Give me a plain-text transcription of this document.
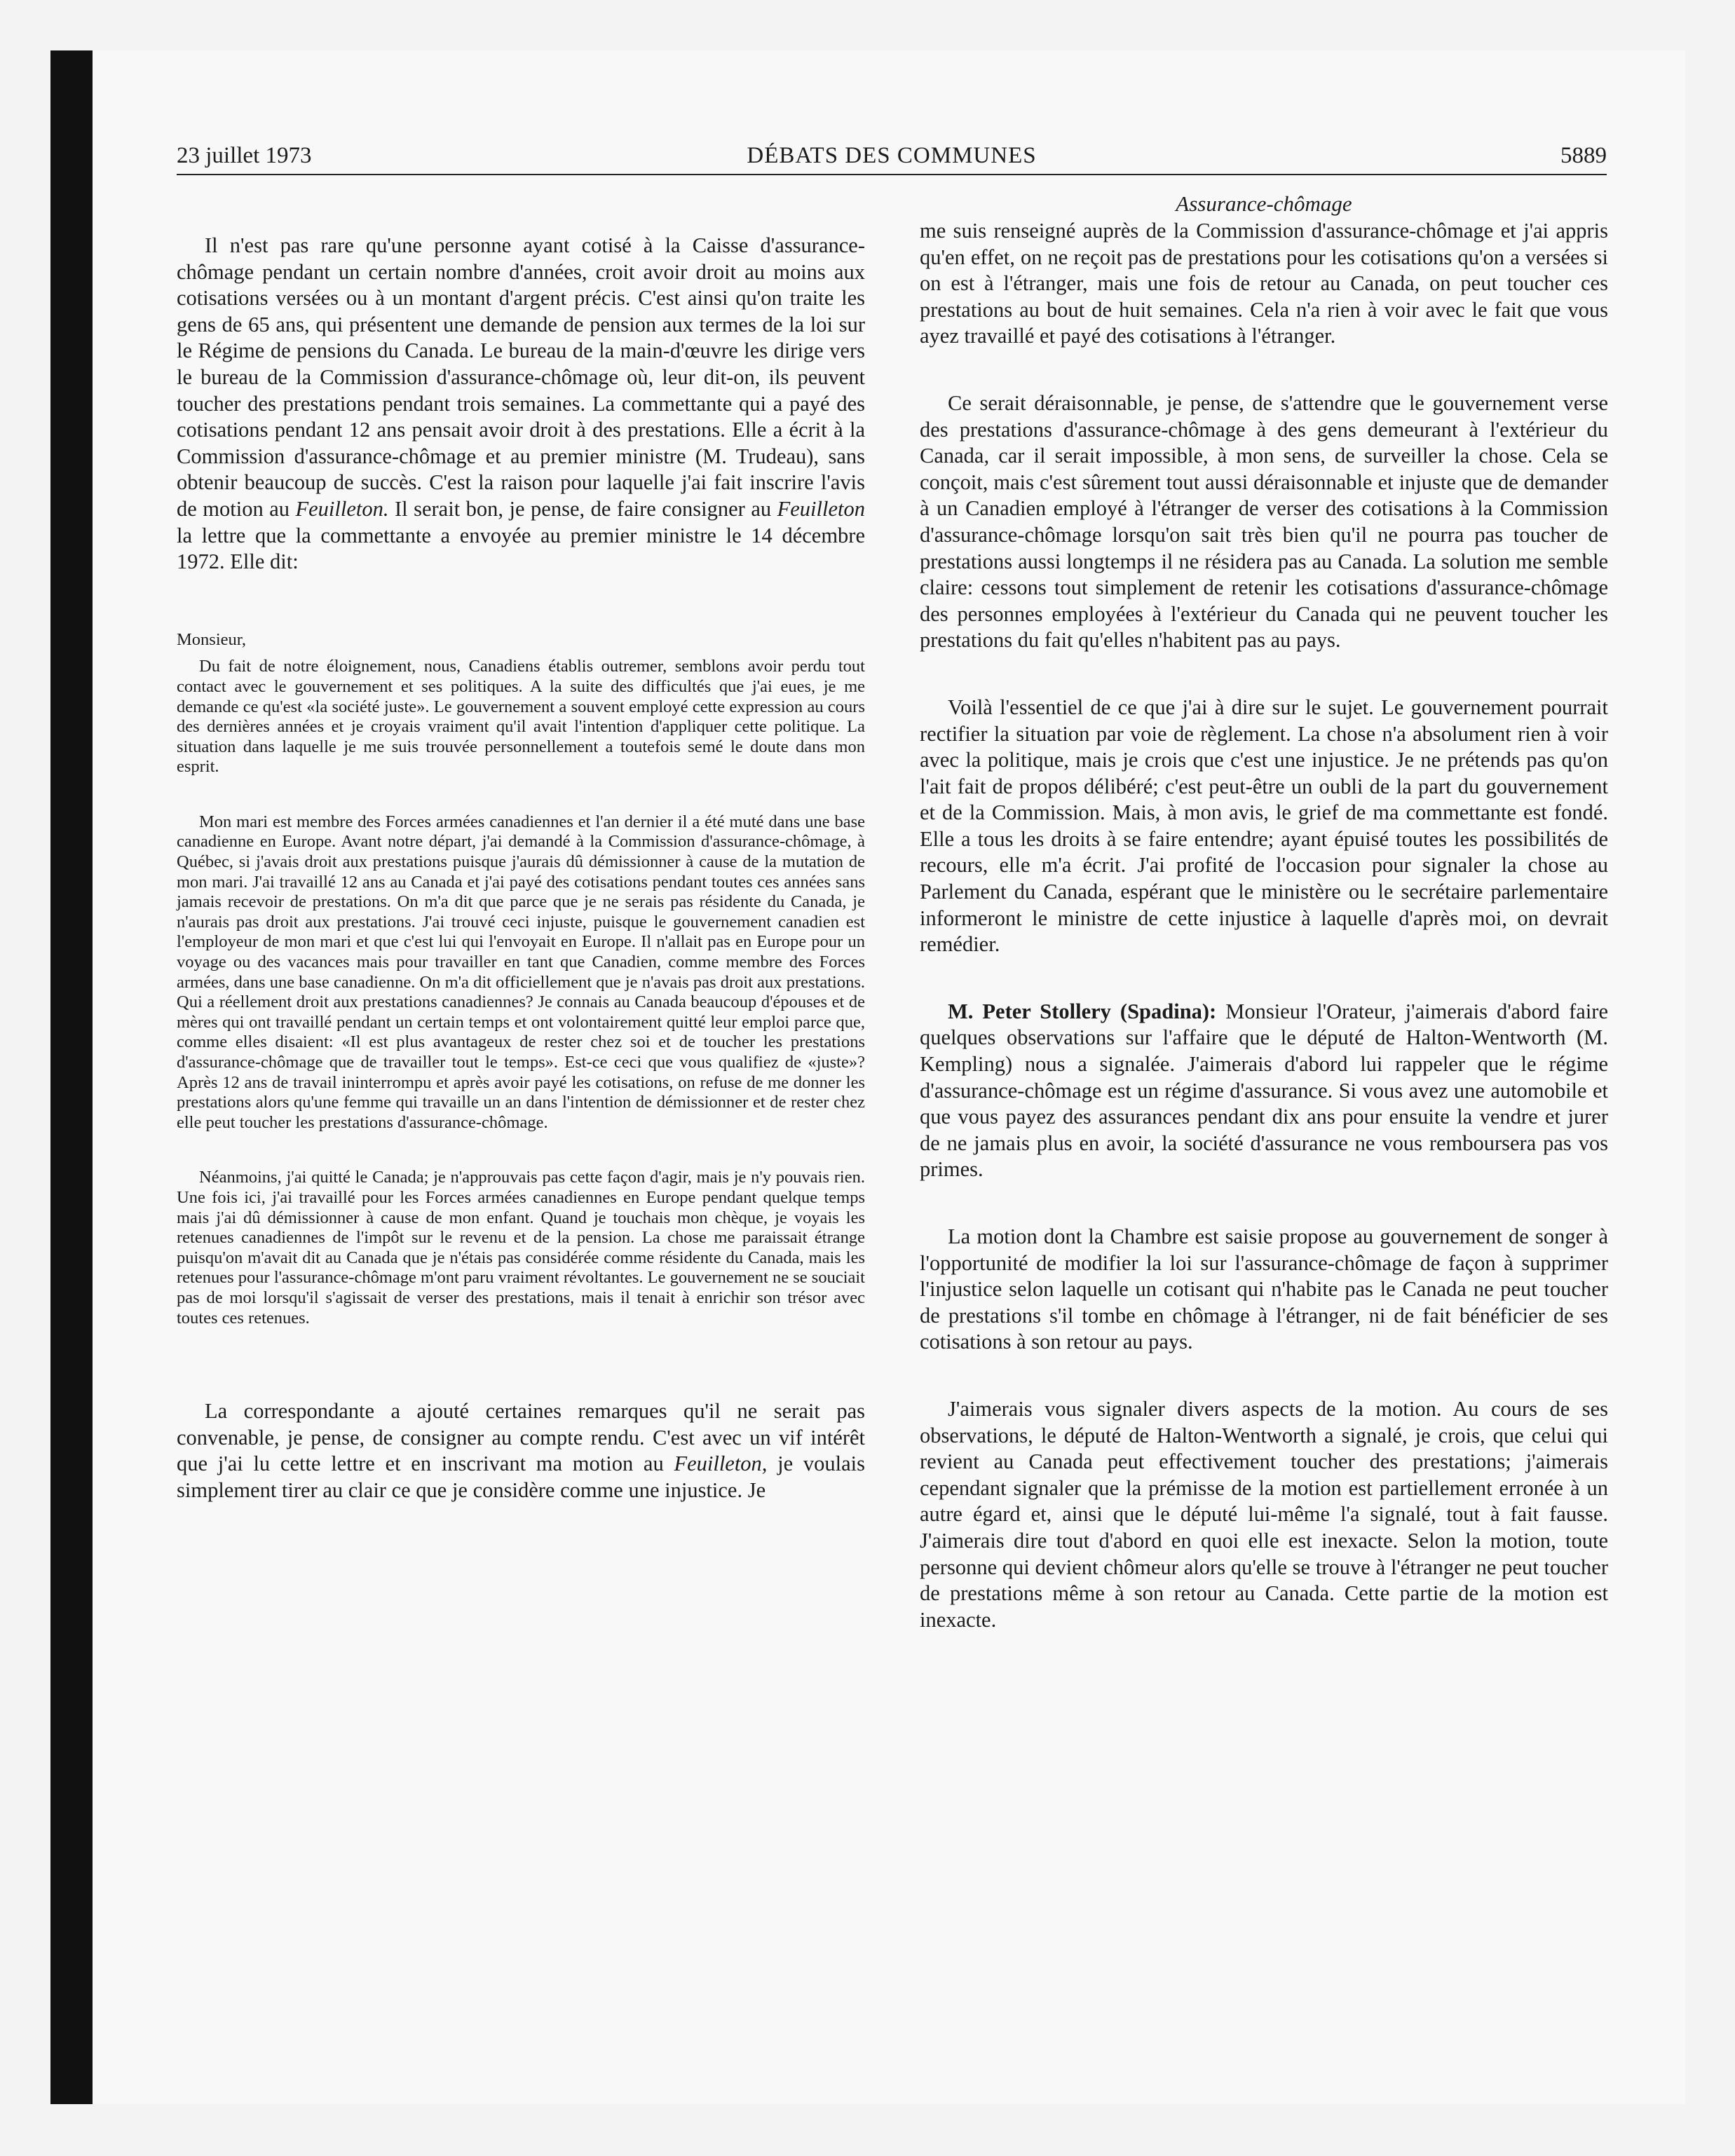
23 juillet 1973	DÉBATS DES COMMUNES	5889

Il n'est pas rare qu'une personne ayant cotisé à la Caisse d'assurance-chômage pendant un certain nombre d'années, croit avoir droit au moins aux cotisations versées ou à un montant d'argent précis. C'est ainsi qu'on traite les gens de 65 ans, qui présentent une demande de pension aux termes de la loi sur le Régime de pensions du Canada. Le bureau de la main-d'œuvre les dirige vers le bureau de la Commission d'assurance-chômage où, leur dit-on, ils peuvent toucher des prestations pendant trois semaines. La commettante qui a payé des cotisations pendant 12 ans pensait avoir droit à des prestations. Elle a écrit à la Commission d'assurance-chômage et au premier ministre (M. Trudeau), sans obtenir beaucoup de succès. C'est la raison pour laquelle j'ai fait inscrire l'avis de motion au Feuilleton. Il serait bon, je pense, de faire consigner au Feuilleton la lettre que la commettante a envoyée au premier ministre le 14 décembre 1972. Elle dit:

Monsieur,

Du fait de notre éloignement, nous, Canadiens établis outremer, semblons avoir perdu tout contact avec le gouvernement et ses politiques. A la suite des difficultés que j'ai eues, je me demande ce qu'est «la société juste». Le gouvernement a souvent employé cette expression au cours des dernières années et je croyais vraiment qu'il avait l'intention d'appliquer cette politique. La situation dans laquelle je me suis trouvée personnellement a toutefois semé le doute dans mon esprit.

Mon mari est membre des Forces armées canadiennes et l'an dernier il a été muté dans une base canadienne en Europe. Avant notre départ, j'ai demandé à la Commission d'assurance-chômage, à Québec, si j'avais droit aux prestations puisque j'aurais dû démissionner à cause de la mutation de mon mari. J'ai travaillé 12 ans au Canada et j'ai payé des cotisations pendant toutes ces années sans jamais recevoir de prestations. On m'a dit que parce que je ne serais pas résidente du Canada, je n'aurais pas droit aux prestations. J'ai trouvé ceci injuste, puisque le gouvernement canadien est l'employeur de mon mari et que c'est lui qui l'envoyait en Europe. Il n'allait pas en Europe pour un voyage ou des vacances mais pour travailler en tant que Canadien, comme membre des Forces armées, dans une base canadienne. On m'a dit officiellement que je n'avais pas droit aux prestations. Qui a réellement droit aux prestations canadiennes? Je connais au Canada beaucoup d'épouses et de mères qui ont travaillé pendant un certain temps et ont volontairement quitté leur emploi parce que, comme elles disaient: «Il est plus avantageux de rester chez soi et de toucher les prestations d'assurance-chômage que de travailler tout le temps». Est-ce ceci que vous qualifiez de «juste»? Après 12 ans de travail ininterrompu et après avoir payé les cotisations, on refuse de me donner les prestations alors qu'une femme qui travaille un an dans l'intention de démissionner et de rester chez elle peut toucher les prestations d'assurance-chômage.

Néanmoins, j'ai quitté le Canada; je n'approuvais pas cette façon d'agir, mais je n'y pouvais rien. Une fois ici, j'ai travaillé pour les Forces armées canadiennes en Europe pendant quelque temps mais j'ai dû démissionner à cause de mon enfant. Quand je touchais mon chèque, je voyais les retenues canadiennes de l'impôt sur le revenu et de la pension. La chose me paraissait étrange puisqu'on m'avait dit au Canada que je n'étais pas considérée comme résidente du Canada, mais les retenues pour l'assurance-chômage m'ont paru vraiment révoltantes. Le gouvernement ne se souciait pas de moi lorsqu'il s'agissait de verser des prestations, mais il tenait à enrichir son trésor avec toutes ces retenues.

La correspondante a ajouté certaines remarques qu'il ne serait pas convenable, je pense, de consigner au compte rendu. C'est avec un vif intérêt que j'ai lu cette lettre et en inscrivant ma motion au Feuilleton, je voulais simplement tirer au clair ce que je considère comme une injustice. Je

Assurance-chômage

me suis renseigné auprès de la Commission d'assurance-chômage et j'ai appris qu'en effet, on ne reçoit pas de prestations pour les cotisations qu'on a versées si on est à l'étranger, mais une fois de retour au Canada, on peut toucher ces prestations au bout de huit semaines. Cela n'a rien à voir avec le fait que vous ayez travaillé et payé des cotisations à l'étranger.

Ce serait déraisonnable, je pense, de s'attendre que le gouvernement verse des prestations d'assurance-chômage à des gens demeurant à l'extérieur du Canada, car il serait impossible, à mon sens, de surveiller la chose. Cela se conçoit, mais c'est sûrement tout aussi déraisonnable et injuste que de demander à un Canadien employé à l'étranger de verser des cotisations à la Commission d'assurance-chômage lorsqu'on sait très bien qu'il ne pourra pas toucher de prestations aussi longtemps il ne résidera pas au Canada. La solution me semble claire: cessons tout simplement de retenir les cotisations d'assurance-chômage des personnes employées à l'extérieur du Canada qui ne peuvent toucher les prestations du fait qu'elles n'habitent pas au pays.

Voilà l'essentiel de ce que j'ai à dire sur le sujet. Le gouvernement pourrait rectifier la situation par voie de règlement. La chose n'a absolument rien à voir avec la politique, mais je crois que c'est une injustice. Je ne prétends pas qu'on l'ait fait de propos délibéré; c'est peut-être un oubli de la part du gouvernement et de la Commission. Mais, à mon avis, le grief de ma commettante est fondé. Elle a tous les droits à se faire entendre; ayant épuisé toutes les possibilités de recours, elle m'a écrit. J'ai profité de l'occasion pour signaler la chose au Parlement du Canada, espérant que le ministère ou le secrétaire parlementaire informeront le ministre de cette injustice à laquelle d'après moi, on devrait remédier.

M. Peter Stollery (Spadina): Monsieur l'Orateur, j'aimerais d'abord faire quelques observations sur l'affaire que le député de Halton-Wentworth (M. Kempling) nous a signalée. J'aimerais d'abord lui rappeler que le régime d'assurance-chômage est un régime d'assurance. Si vous avez une automobile et que vous payez des assurances pendant dix ans pour ensuite la vendre et jurer de ne jamais plus en avoir, la société d'assurance ne vous remboursera pas vos primes.

La motion dont la Chambre est saisie propose au gouvernement de songer à l'opportunité de modifier la loi sur l'assurance-chômage de façon à supprimer l'injustice selon laquelle un cotisant qui n'habite pas le Canada ne peut toucher de prestations s'il tombe en chômage à l'étranger, ni de fait bénéficier de ses cotisations à son retour au pays.

J'aimerais vous signaler divers aspects de la motion. Au cours de ses observations, le député de Halton-Wentworth a signalé, je crois, que celui qui revient au Canada peut effectivement toucher des prestations; j'aimerais cependant signaler que la prémisse de la motion est partiellement erronée à un autre égard et, ainsi que le député lui-même l'a signalé, tout à fait fausse. J'aimerais dire tout d'abord en quoi elle est inexacte. Selon la motion, toute personne qui devient chômeur alors qu'elle se trouve à l'étranger ne peut toucher de prestations même à son retour au Canada. Cette partie de la motion est inexacte.
